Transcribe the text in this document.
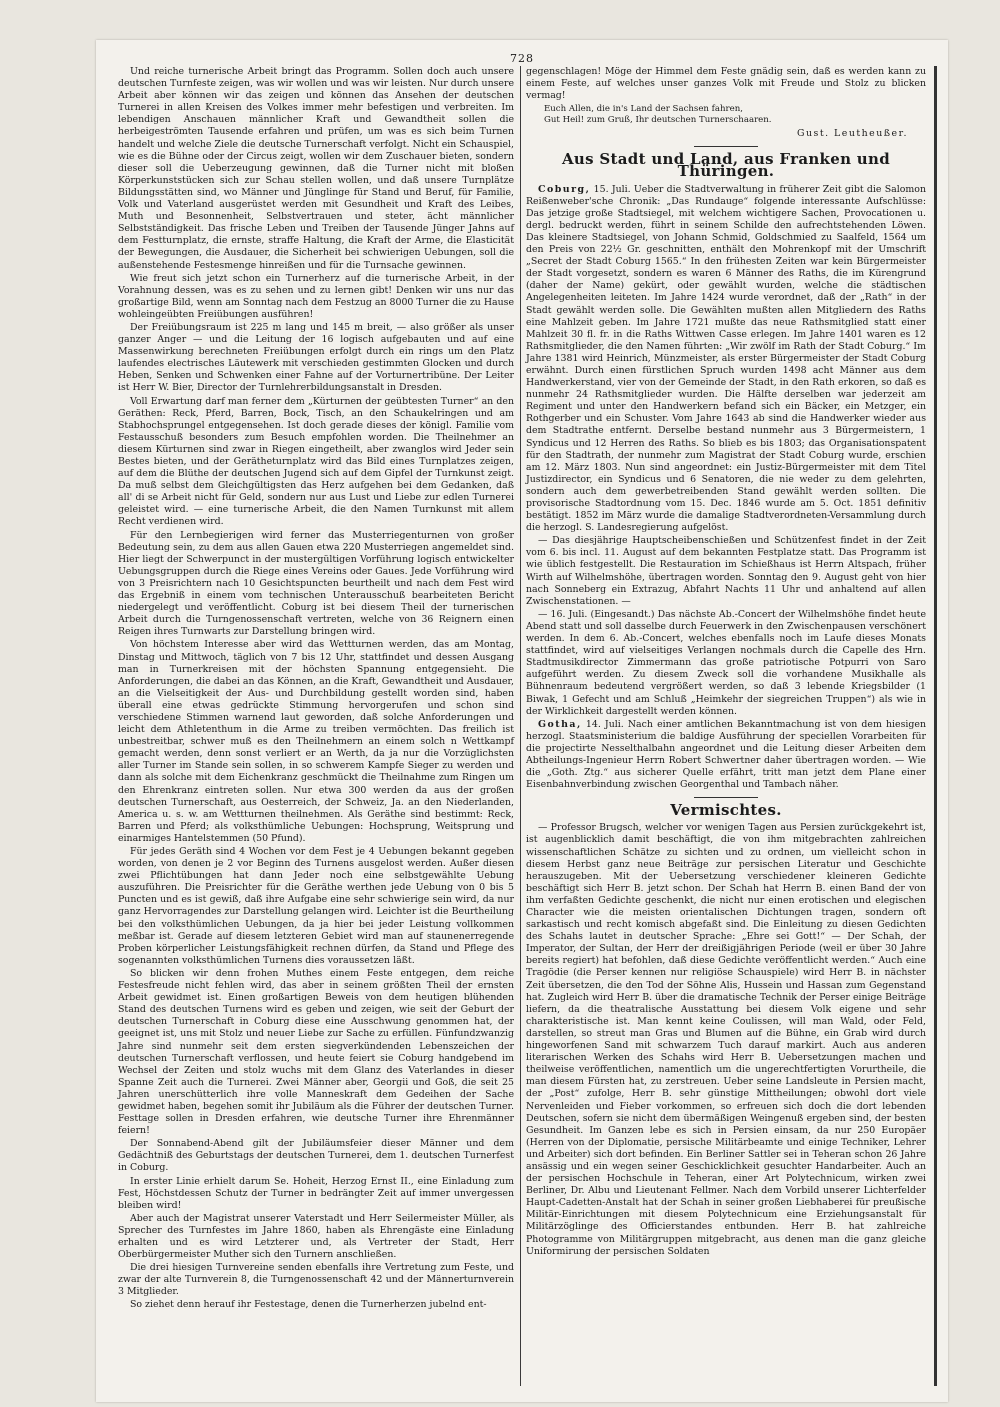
728

Und reiche turnerische Arbeit bringt das Programm. Sollen doch auch unsere deutschen Turnfeste zeigen, was wir wollen und was wir leisten. Nur durch unsere Arbeit aber können wir das zeigen und können das Ansehen der deutschen Turnerei in allen Kreisen des Volkes immer mehr befestigen und verbreiten. Im lebendigen Anschauen männlicher Kraft und Gewandtheit sollen die herbeigeströmten Tausende erfahren und prüfen, um was es sich beim Turnen handelt und welche Ziele die deutsche Turnerschaft verfolgt. Nicht ein Schauspiel, wie es die Bühne oder der Circus zeigt, wollen wir dem Zuschauer bieten, sondern dieser soll die Ueberzeugung gewinnen, daß die Turner nicht mit bloßen Körperkunststücken sich zur Schau stellen wollen, und daß unsere Turnplätze Bildungsstätten sind, wo Männer und Jünglinge für Stand und Beruf, für Familie, Volk und Vaterland ausgerüstet werden mit Gesundheit und Kraft des Leibes, Muth und Besonnenheit, Selbstvertrauen und steter, ächt männlicher Selbstständigkeit. Das frische Leben und Treiben der Tausende Jünger Jahns auf dem Festturnplatz, die ernste, straffe Haltung, die Kraft der Arme, die Elasticität der Bewegungen, die Ausdauer, die Sicherheit bei schwierigen Uebungen, soll die außenstehende Festesmenge hinreißen und für die Turnsache gewinnen.

Wie freut sich jetzt schon ein Turnerherz auf die turnerische Arbeit, in der Vorahnung dessen, was es zu sehen und zu lernen gibt! Denken wir uns nur das großartige Bild, wenn am Sonntag nach dem Festzug an 8000 Turner die zu Hause wohleingeübten Freiübungen ausführen!

Der Freiübungsraum ist 225 m lang und 145 m breit, — also größer als unser ganzer Anger — und die Leitung der 16 logisch aufgebauten und auf eine Massenwirkung berechneten Freiübungen erfolgt durch ein rings um den Platz laufendes electrisches Läutewerk mit verschieden gestimmten Glocken und durch Heben, Senken und Schwenken einer Fahne auf der Vorturnertribüne. Der Leiter ist Herr W. Bier, Director der Turnlehrerbildungsanstalt in Dresden.

Voll Erwartung darf man ferner dem „Kürturnen der geübtesten Turner“ an den Geräthen: Reck, Pferd, Barren, Bock, Tisch, an den Schaukelringen und am Stabhochsprungel entgegensehen. Ist doch gerade dieses der königl. Familie vom Festausschuß besonders zum Besuch empfohlen worden. Die Theilnehmer an diesem Kürturnen sind zwar in Riegen eingetheilt, aber zwanglos wird Jeder sein Bestes bieten, und der Gerätheturnplatz wird das Bild eines Turnplatzes zeigen, auf dem die Blüthe der deutschen Jugend sich auf dem Gipfel der Turnkunst zeigt. Da muß selbst dem Gleichgültigsten das Herz aufgehen bei dem Gedanken, daß all' di se Arbeit nicht für Geld, sondern nur aus Lust und Liebe zur edlen Turnerei geleistet wird. — eine turnerische Arbeit, die den Namen Turnkunst mit allem Recht verdienen wird.

Für den Lernbegierigen wird ferner das Musterriegenturnen von großer Bedeutung sein, zu dem aus allen Gauen etwa 220 Musterriegen angemeldet sind. Hier liegt der Schwerpunct in der mustergültigen Vorführung logisch entwickelter Uebungsgruppen durch die Riege eines Vereins oder Gaues. Jede Vorführung wird von 3 Preisrichtern nach 10 Gesichtspuncten beurtheilt und nach dem Fest wird das Ergebniß in einem vom technischen Unterausschuß bearbeiteten Bericht niedergelegt und veröffentlicht. Coburg ist bei diesem Theil der turnerischen Arbeit durch die Turngenossenschaft vertreten, welche von 36 Reignern einen Reigen ihres Turnwarts zur Darstellung bringen wird.

Von höchstem Interesse aber wird das Wettturnen werden, das am Montag, Dinstag und Mittwoch, täglich von 7 bis 12 Uhr, stattfindet und dessen Ausgang man in Turnerkreisen mit der höchsten Spannung entgegensieht. Die Anforderungen, die dabei an das Können, an die Kraft, Gewandtheit und Ausdauer, an die Vielseitigkeit der Aus- und Durchbildung gestellt worden sind, haben überall eine etwas gedrückte Stimmung hervorgerufen und schon sind verschiedene Stimmen warnend laut geworden, daß solche Anforderungen und leicht dem Athletenthum in die Arme zu treiben vermöchten. Das freilich ist unbestreitbar, schwer muß es den Theilnehmern an einem solch n Wettkampf gemacht werden, denn sonst verliert er an Werth, da ja nur die Vorzüglichsten aller Turner im Stande sein sollen, in so schwerem Kampfe Sieger zu werden und dann als solche mit dem Eichenkranz geschmückt die Theilnahme zum Ringen um den Ehrenkranz eintreten sollen. Nur etwa 300 werden da aus der großen deutschen Turnerschaft, aus Oesterreich, der Schweiz, Ja. an den Niederlanden, America u. s. w. am Wettturnen theilnehmen. Als Geräthe sind bestimmt: Reck, Barren und Pferd; als volksthümliche Uebungen: Hochsprung, Weitsprung und einarmiges Hantelstemmen (50 Pfund).

Für jedes Geräth sind 4 Wochen vor dem Fest je 4 Uebungen bekannt gegeben worden, von denen je 2 vor Beginn des Turnens ausgelost werden. Außer diesen zwei Pflichtübungen hat dann Jeder noch eine selbstgewählte Uebung auszuführen. Die Preisrichter für die Geräthe werthen jede Uebung von 0 bis 5 Puncten und es ist gewiß, daß ihre Aufgabe eine sehr schwierige sein wird, da nur ganz Hervorragendes zur Darstellung gelangen wird. Leichter ist die Beurtheilung bei den volksthümlichen Uebungen, da ja hier bei jeder Leistung vollkommen meßbar ist. Gerade auf diesem letzteren Gebiet wird man auf staunenerregende Proben körperlicher Leistungsfähigkeit rechnen dürfen, da Stand und Pflege des sogenannten volksthümlichen Turnens dies voraussetzen läßt.

So blicken wir denn frohen Muthes einem Feste entgegen, dem reiche Festesfreude nicht fehlen wird, das aber in seinem größten Theil der ernsten Arbeit gewidmet ist. Einen großartigen Beweis von dem heutigen blühenden Stand des deutschen Turnens wird es geben und zeigen, wie seit der Geburt der deutschen Turnerschaft in Coburg diese eine Ausschwung genommen hat, der geeignet ist, uns mit Stolz und neuer Liebe zur Sache zu erfüllen. Fünfundzwanzig Jahre sind nunmehr seit dem ersten siegverkündenden Lebenszeichen der deutschen Turnerschaft verflossen, und heute feiert sie Coburg handgebend im Wechsel der Zeiten und stolz wuchs mit dem Glanz des Vaterlandes in dieser Spanne Zeit auch die Turnerei. Zwei Männer aber, Georgii und Goß, die seit 25 Jahren unerschütterlich ihre volle Manneskraft dem Gedeihen der Sache gewidmet haben, begehen somit ihr Jubiläum als die Führer der deutschen Turner. Festtage sollen in Dresden erfahren, wie deutsche Turner ihre Ehrenmänner feiern!

Der Sonnabend-Abend gilt der Jubiläumsfeier dieser Männer und dem Gedächtniß des Geburtstags der deutschen Turnerei, dem 1. deutschen Turnerfest in Coburg.

In erster Linie erhielt darum Se. Hoheit, Herzog Ernst II., eine Einladung zum Fest, Höchstdessen Schutz der Turner in bedrängter Zeit auf immer unvergessen bleiben wird!

Aber auch der Magistrat unserer Vaterstadt und Herr Seilermeister Müller, als Sprecher des Turnfestes im Jahre 1860, haben als Ehrengäste eine Einladung erhalten und es wird Letzterer und, als Vertreter der Stadt, Herr Oberbürgermeister Muther sich den Turnern anschließen.

Die drei hiesigen Turnvereine senden ebenfalls ihre Vertretung zum Feste, und zwar der alte Turnverein 8, die Turngenossenschaft 42 und der Männerturnverein 3 Mitglieder.

So ziehet denn herauf ihr Festestage, denen die Turnerherzen jubelnd ent-

gegenschlagen! Möge der Himmel dem Feste gnädig sein, daß es werden kann zu einem Feste, auf welches unser ganzes Volk mit Freude und Stolz zu blicken vermag!

Euch Allen, die in's Land der Sachsen fahren,
Gut Heil! zum Gruß, Ihr deutschen Turnerschaaren.
Gust. Leutheußer.
Aus Stadt und Land, aus Franken und Thüringen.

Coburg, 15. Juli. Ueber die Stadtverwaltung in früherer Zeit gibt die Salomon Reißenweber'sche Chronik: „Das Rundauge“ folgende interessante Aufschlüsse: Das jetzige große Stadtsiegel, mit welchem wichtigere Sachen, Provocationen u. dergl. bedruckt werden, führt in seinem Schilde den aufrechtstehenden Löwen. Das kleinere Stadtsiegel, von Johann Schmid, Goldschmied zu Saalfeld, 1564 um den Preis von 22½ Gr. geschnitten, enthält den Mohrenkopf mit der Umschrift „Secret der Stadt Coburg 1565.“ In den frühesten Zeiten war kein Bürgermeister der Stadt vorgesetzt, sondern es waren 6 Männer des Raths, die im Kürengrund (daher der Name) gekürt, oder gewählt wurden, welche die städtischen Angelegenheiten leiteten. Im Jahre 1424 wurde verordnet, daß der „Rath“ in der Stadt gewählt werden solle. Die Gewählten mußten allen Mitgliedern des Raths eine Mahlzeit geben. Im Jahre 1721 mußte das neue Rathsmitglied statt einer Mahlzeit 30 fl. fr. in die Raths Wittwen Casse erlegen. Im Jahre 1401 waren es 12 Rathsmitglieder, die den Namen führten: „Wir zwölf im Rath der Stadt Coburg.“ Im Jahre 1381 wird Heinrich, Münzmeister, als erster Bürgermeister der Stadt Coburg erwähnt. Durch einen fürstlichen Spruch wurden 1498 acht Männer aus dem Handwerkerstand, vier von der Gemeinde der Stadt, in den Rath erkoren, so daß es nunmehr 24 Rathsmitglieder wurden. Die Hälfte derselben war jederzeit am Regiment und unter den Handwerkern befand sich ein Bäcker, ein Metzger, ein Rothgerber und ein Schuster. Vom Jahre 1643 ab sind die Handwerker wieder aus dem Stadtrathe entfernt. Derselbe bestand nunmehr aus 3 Bürgermeistern, 1 Syndicus und 12 Herren des Raths. So blieb es bis 1803; das Organisationspatent für den Stadtrath, der nunmehr zum Magistrat der Stadt Coburg wurde, erschien am 12. März 1803. Nun sind angeordnet: ein Justiz-Bürgermeister mit dem Titel Justizdirector, ein Syndicus und 6 Senatoren, die nie weder zu dem gelehrten, sondern auch dem gewerbetreibenden Stand gewählt werden sollten. Die provisorische Stadtordnung vom 15. Dec. 1846 wurde am 5. Oct. 1851 definitiv bestätigt. 1852 im März wurde die damalige Stadtverordneten-Versammlung durch die herzogl. S. Landesregierung aufgelöst.

— Das diesjährige Hauptscheibenschießen und Schützenfest findet in der Zeit vom 6. bis incl. 11. August auf dem bekannten Festplatze statt. Das Programm ist wie üblich festgestellt. Die Restauration im Schießhaus ist Herrn Altspach, früher Wirth auf Wilhelmshöhe, übertragen worden. Sonntag den 9. August geht von hier nach Sonneberg ein Extrazug, Abfahrt Nachts 11 Uhr und anhaltend auf allen Zwischenstationen. —

— 16. Juli. (Eingesandt.) Das nächste Ab.-Concert der Wilhelmshöhe findet heute Abend statt und soll dasselbe durch Feuerwerk in den Zwischenpausen verschönert werden. In dem 6. Ab.-Concert, welches ebenfalls noch im Laufe dieses Monats stattfindet, wird auf vielseitiges Verlangen nochmals durch die Capelle des Hrn. Stadtmusikdirector Zimmermann das große patriotische Potpurri von Saro aufgeführt werden. Zu diesem Zweck soll die vorhandene Musikhalle als Bühnenraum bedeutend vergrößert werden, so daß 3 lebende Kriegsbilder (1 Biwak, 1 Gefecht und am Schluß „Heimkehr der siegreichen Truppen“) als wie in der Wirklichkeit dargestellt werden können.

Gotha, 14. Juli. Nach einer amtlichen Bekanntmachung ist von dem hiesigen herzogl. Staatsministerium die baldige Ausführung der speciellen Vorarbeiten für die projectirte Nesselthalbahn angeordnet und die Leitung dieser Arbeiten dem Abtheilungs-Ingenieur Herrn Robert Schwertner daher übertragen worden. — Wie die „Goth. Ztg.“ aus sicherer Quelle erfährt, tritt man jetzt dem Plane einer Eisenbahnverbindung zwischen Georgenthal und Tambach näher.

Vermischtes.

— Professor Brugsch, welcher vor wenigen Tagen aus Persien zurückgekehrt ist, ist augenblicklich damit beschäftigt, die von ihm mitgebrachten zahlreichen wissenschaftlichen Schätze zu sichten und zu ordnen, um vielleicht schon in diesem Herbst ganz neue Beiträge zur persischen Literatur und Geschichte herauszugeben. Mit der Uebersetzung verschiedener kleineren Gedichte beschäftigt sich Herr B. jetzt schon. Der Schah hat Herrn B. einen Band der von ihm verfaßten Gedichte geschenkt, die nicht nur einen erotischen und elegischen Character wie die meisten orientalischen Dichtungen tragen, sondern oft sarkastisch und recht komisch abgefaßt sind. Die Einleitung zu diesen Gedichten des Schahs lautet in deutscher Sprache: „Ehre sei Gott!“ — Der Schah, der Imperator, der Sultan, der Herr der dreißigjährigen Periode (weil er über 30 Jahre bereits regiert) hat befohlen, daß diese Gedichte veröffentlicht werden.“ Auch eine Tragödie (die Perser kennen nur religiöse Schauspiele) wird Herr B. in nächster Zeit übersetzen, die den Tod der Söhne Alis, Hussein und Hassan zum Gegenstand hat. Zugleich wird Herr B. über die dramatische Technik der Perser einige Beiträge liefern, da die theatralische Ausstattung bei diesem Volk eigene und sehr charakteristische ist. Man kennt keine Coulissen, will man Wald, oder Feld, darstellen, so streut man Gras und Blumen auf die Bühne, ein Grab wird durch hingeworfenen Sand mit schwarzem Tuch darauf markirt. Auch aus anderen literarischen Werken des Schahs wird Herr B. Uebersetzungen machen und theilweise veröffentlichen, namentlich um die ungerechtfertigten Vorurtheile, die man diesem Fürsten hat, zu zerstreuen. Ueber seine Landsleute in Persien macht, der „Post“ zufolge, Herr B. sehr günstige Mittheilungen; obwohl dort viele Nervenleiden und Fieber vorkommen, so erfreuen sich doch die dort lebenden Deutschen, sofern sie nicht dem übermäßigen Weingenuß ergeben sind, der besten Gesundheit. Im Ganzen lebe es sich in Persien einsam, da nur 250 Europäer (Herren von der Diplomatie, persische Militärbeamte und einige Techniker, Lehrer und Arbeiter) sich dort befinden. Ein Berliner Sattler sei in Teheran schon 26 Jahre ansässig und ein wegen seiner Geschicklichkeit gesuchter Handarbeiter. Auch an der persischen Hochschule in Teheran, einer Art Polytechnicum, wirken zwei Berliner, Dr. Albu und Lieutenant Fellmer. Nach dem Vorbild unserer Lichterfelder Haupt-Cadetten-Anstalt hat der Schah in seiner großen Liebhaberei für preußische Militär-Einrichtungen mit diesem Polytechnicum eine Erziehungsanstalt für Militärzöglinge des Officierstandes entbunden. Herr B. hat zahlreiche Photogramme von Militärgruppen mitgebracht, aus denen man die ganz gleiche Uniformirung der persischen Soldaten
